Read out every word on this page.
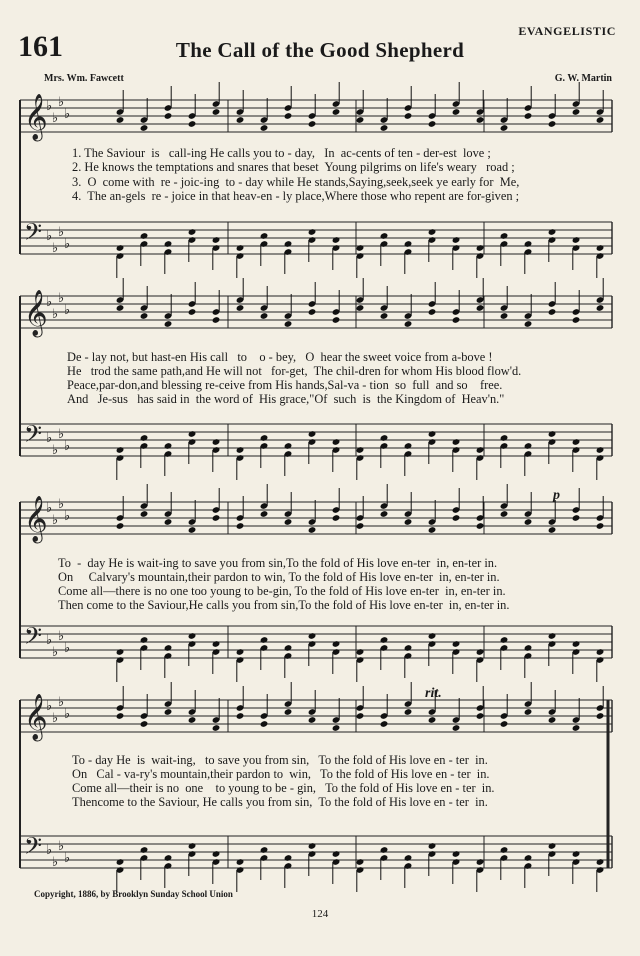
𝄞
♭
♭
♭
♭
𝄢 ♭
♭
♭
♭
𝄞
♭
♭
♭
♭
𝄢 ♭
♭
♭
♭
𝄞
♭
♭
♭
♭
𝄢 ♭
♭
♭
♭
𝄞
♭
♭
♭
♭
𝄢 ♭
♭
♭
♭
161	The Call of the Good Shepherd
EVANGELISTIC
Mrs. Wm. Fawcett	G. W. Martin
1. The Saviour  is   call-ing He calls you to - day,   In  ac-cents of ten - der-est  love ;
2. He knows the temptations and snares that beset  Young pilgrims on life's weary   road ;
3.  O  come with  re - joic-ing  to - day while He stands,Saying,seek,seek ye early for  Me,
4.  The an-gels  re - joice in that heav-en - ly place,Where those who repent are for-given ;
De - lay not, but hast-en His call   to    o - bey,   O  hear the sweet voice from a-bove !
He   trod the same path,and He will not   for-get,  The chil-dren for whom His blood flow'd.
Peace,par-don,and blessing re-ceive from His hands,Sal-va - tion  so  full  and so    free.
And   Je-sus   has said in  the word of  His grace,"Of  such  is  the Kingdom of  Heav'n."
To  -  day He is wait-ing to save you from sin,To the fold of His love en-ter  in, en-ter in.
On     Calvary's mountain,their pardon to win, To the fold of His love en-ter  in, en-ter in.
Come all—there is no one too young to be-gin, To the fold of His love en-ter  in, en-ter in.
Then come to the Saviour,He calls you from sin,To the fold of His love en-ter  in, en-ter in.
To - day He  is  wait-ing,   to save you from sin,   To the fold of His love en - ter  in.
On   Cal - va-ry's mountain,their pardon to  win,   To the fold of His love en - ter  in.
Come all—their is no  one    to young to be - gin,   To the fold of His love en - ter  in.
Thencome to the Saviour, He calls you from sin,  To the fold of His love en - ter  in.
p
rit.
Copyright, 1886, by Brooklyn Sunday School Union
124
